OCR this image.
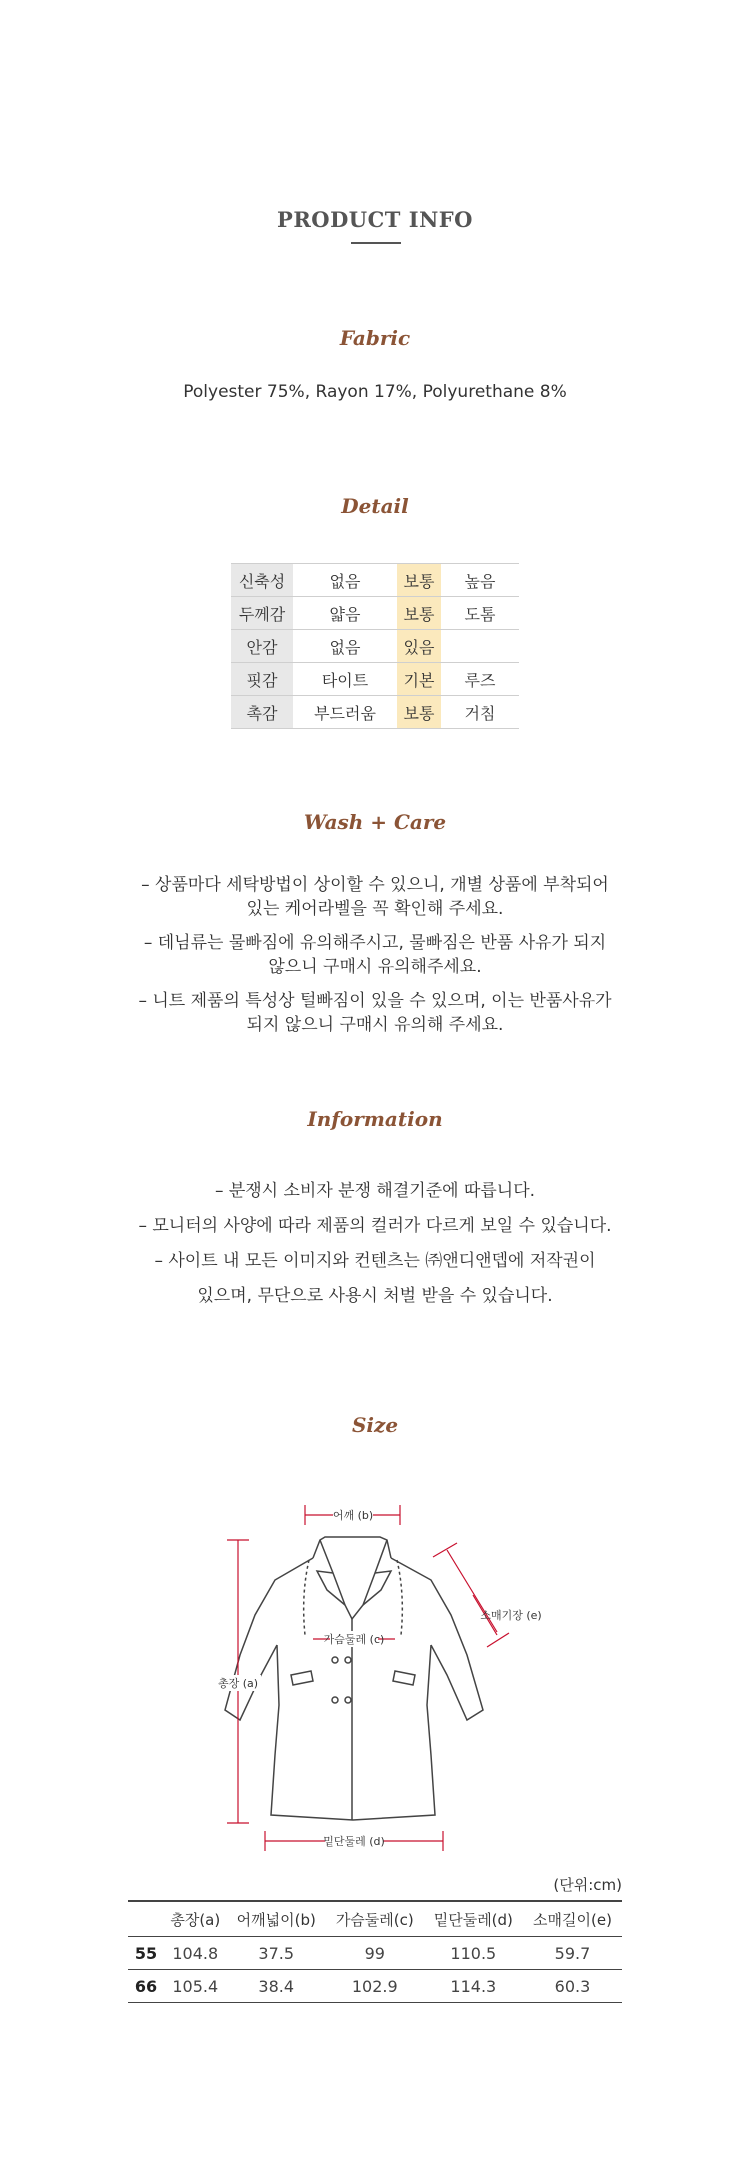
PRODUCT INFO
Fabric
Polyester 75%, Rayon 17%, Polyurethane 8%
Detail
신축성	없음	보통	높음
두께감	얇음	보통	도톰
안감	없음	있음	
핏감	타이트	기본	루즈
촉감	부드러움	보통	거침
Wash + Care
– 상품마다 세탁방법이 상이할 수 있으니, 개별 상품에 부착되어
있는 케어라벨을 꼭 확인해 주세요.
– 데님류는 물빠짐에 유의해주시고, 물빠짐은 반품 사유가 되지
않으니 구매시 유의해주세요.
– 니트 제품의 특성상 털빠짐이 있을 수 있으며, 이는 반품사유가
되지 않으니 구매시 유의해 주세요.
Information
– 분쟁시 소비자 분쟁 해결기준에 따릅니다.
– 모니터의 사양에 따라 제품의 컬러가 다르게 보일 수 있습니다.
– 사이트 내 모든 이미지와 컨텐츠는 ㈜앤디앤뎁에 저작권이
있으며, 무단으로 사용시 처벌 받을 수 있습니다.
Size
어깨 (b)
가슴둘레 (c)
총장 (a)
소매기장 (e)
밑단둘레 (d)
(단위:cm)
	총장(a)	어깨넓이(b)	가슴둘레(c)	밑단둘레(d)	소매길이(e)
55	104.8	37.5	99	110.5	59.7
66	105.4	38.4	102.9	114.3	60.3
